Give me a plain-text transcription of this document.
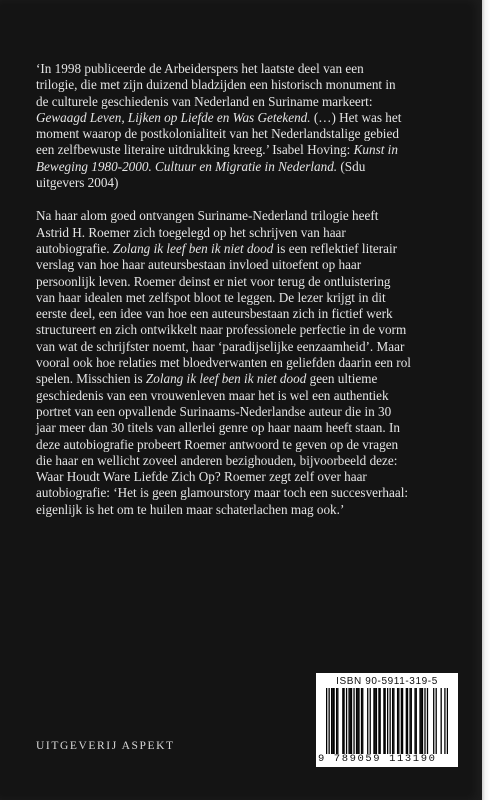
‘In 1998 publiceerde de Arbeiderspers het laatste deel van een
trilogie, die met zijn duizend bladzijden een historisch monument in
de culturele geschiedenis van Nederland en Suriname markeert:
Gewaagd Leven, Lijken op Liefde en Was Getekend. (…) Het was het
moment waarop de postkolonialiteit van het Nederlandstalige gebied
een zelfbewuste literaire uitdrukking kreeg.’ Isabel Hoving: Kunst in
Beweging 1980-2000. Cultuur en Migratie in Nederland. (Sdu
uitgevers 2004)

Na haar alom goed ontvangen Suriname-Nederland trilogie heeft
Astrid H. Roemer zich toegelegd op het schrijven van haar
autobiografie. Zolang ik leef ben ik niet dood is een reflektief literair
verslag van hoe haar auteursbestaan invloed uitoefent op haar
persoonlijk leven. Roemer deinst er niet voor terug de ontluistering
van haar idealen met zelfspot bloot te leggen. De lezer krijgt in dit
eerste deel, een idee van hoe een auteursbestaan zich in fictief werk
structureert en zich ontwikkelt naar professionele perfectie in de vorm
van wat de schrijfster noemt, haar ‘paradijselijke eenzaamheid’. Maar
vooral ook hoe relaties met bloedverwanten en geliefden daarin een rol
spelen. Misschien is Zolang ik leef ben ik niet dood geen ultieme
geschiedenis van een vrouwenleven maar het is wel een authentiek
portret van een opvallende Surinaams-Nederlandse auteur die in 30
jaar meer dan 30 titels van allerlei genre op haar naam heeft staan. In
deze autobiografie probeert Roemer antwoord te geven op de vragen
die haar en wellicht zoveel anderen bezighouden, bijvoorbeeld deze:
Waar Houdt Ware Liefde Zich Op? Roemer zegt zelf over haar
autobiografie: ‘Het is geen glamourstory maar toch een succesverhaal:
eigenlijk is het om te huilen maar schaterlachen mag ook.’

UITGEVERIJ ASPEKT
ISBN 90-5911-319-5
9 789059 113190
